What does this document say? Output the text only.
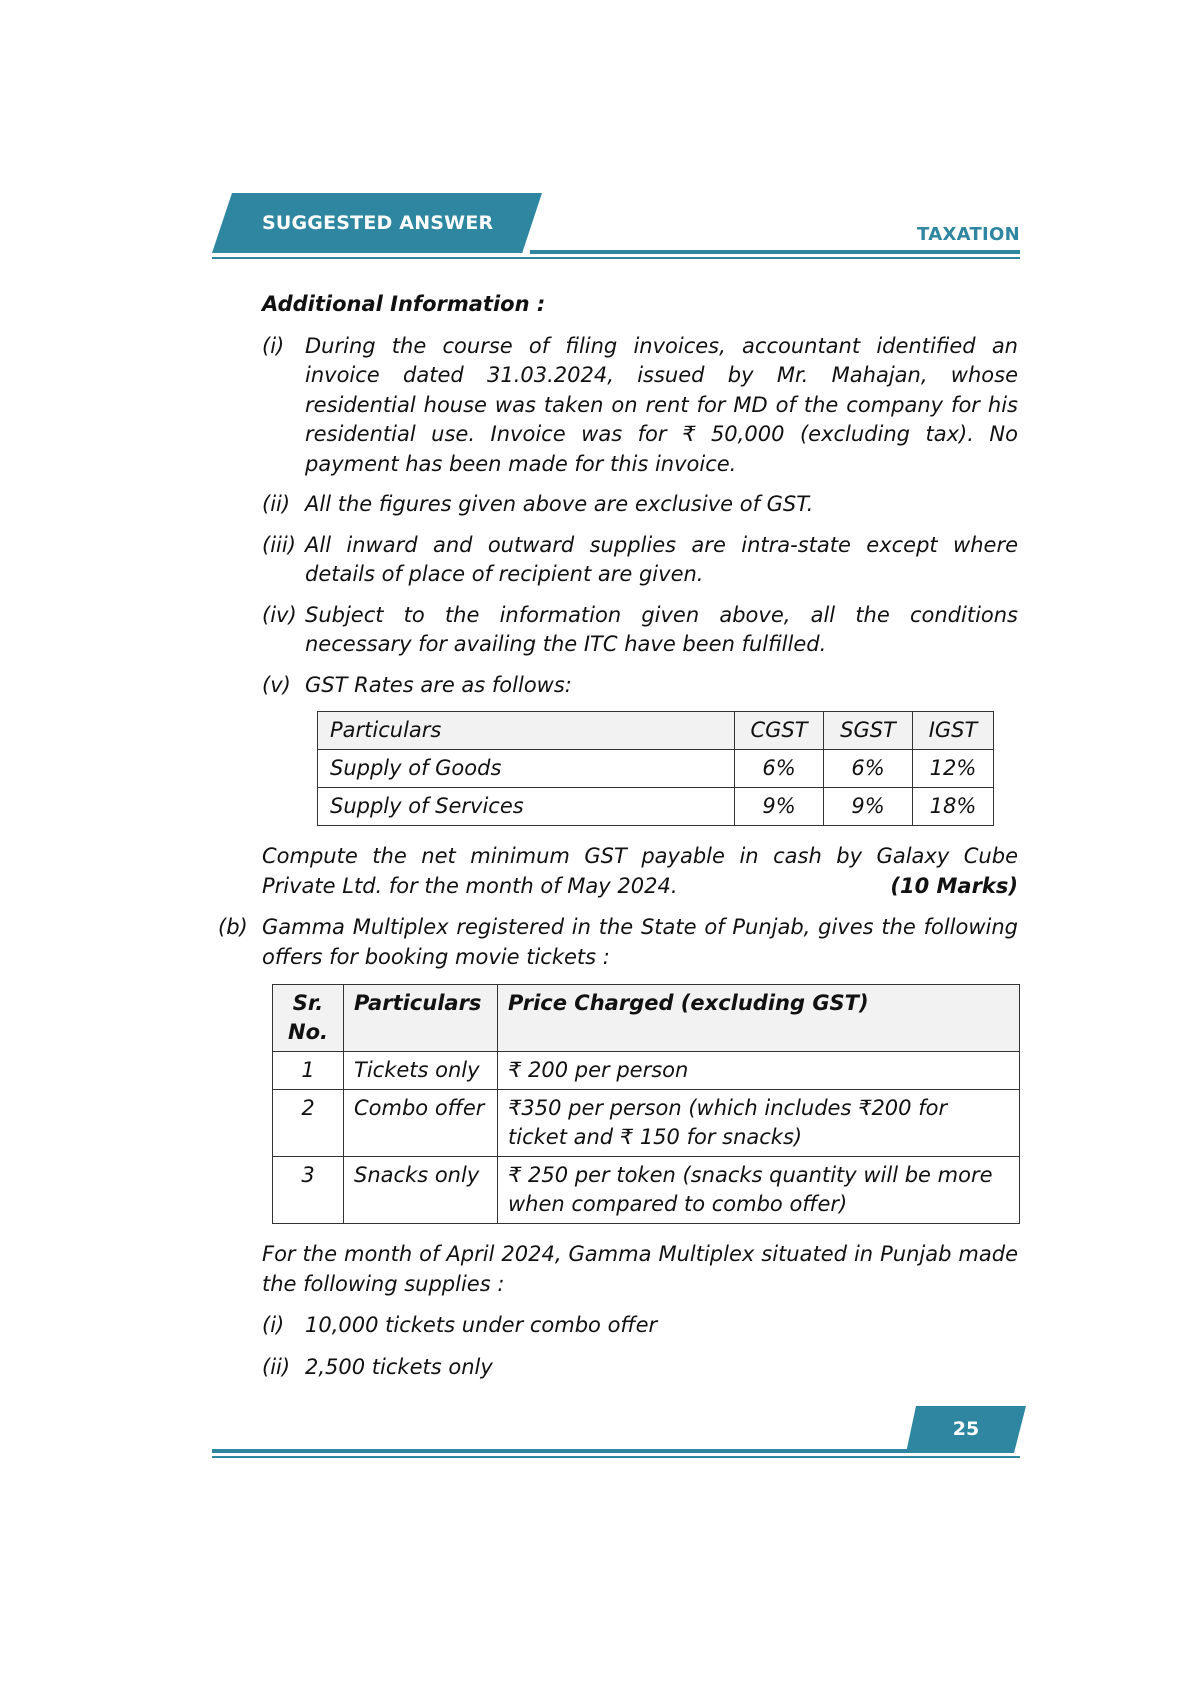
SUGGESTED ANSWER
TAXATION
Additional Information :
(i) During the course of filing invoices, accountant identified an invoice dated 31.03.2024, issued by Mr. Mahajan, whose residential house was taken on rent for MD of the company for his residential use. Invoice was for ₹ 50,000 (excluding tax). No payment has been made for this invoice.
(ii) All the figures given above are exclusive of GST.
(iii) All inward and outward supplies are intra-state except where details of place of recipient are given.
(iv) Subject to the information given above, all the conditions necessary for availing the ITC have been fulfilled.
(v) GST Rates are as follows:
Particulars	CGST	SGST	IGST
Supply of Goods	6%	6%	12%
Supply of Services	9%	9%	18%
Compute the net minimum GST payable in cash by Galaxy Cube Private Ltd. for the month of May 2024.	(10 Marks)
(b) Gamma Multiplex registered in the State of Punjab, gives the following offers for booking movie tickets :
Sr. No.	Particulars	Price Charged (excluding GST)
1	Tickets only	₹ 200 per person
2	Combo offer	₹350 per person (which includes ₹200 for ticket and ₹ 150 for snacks)
3	Snacks only	₹ 250 per token (snacks quantity will be more when compared to combo offer)
For the month of April 2024, Gamma Multiplex situated in Punjab made the following supplies :
(i) 10,000 tickets under combo offer
(ii) 2,500 tickets only
25
